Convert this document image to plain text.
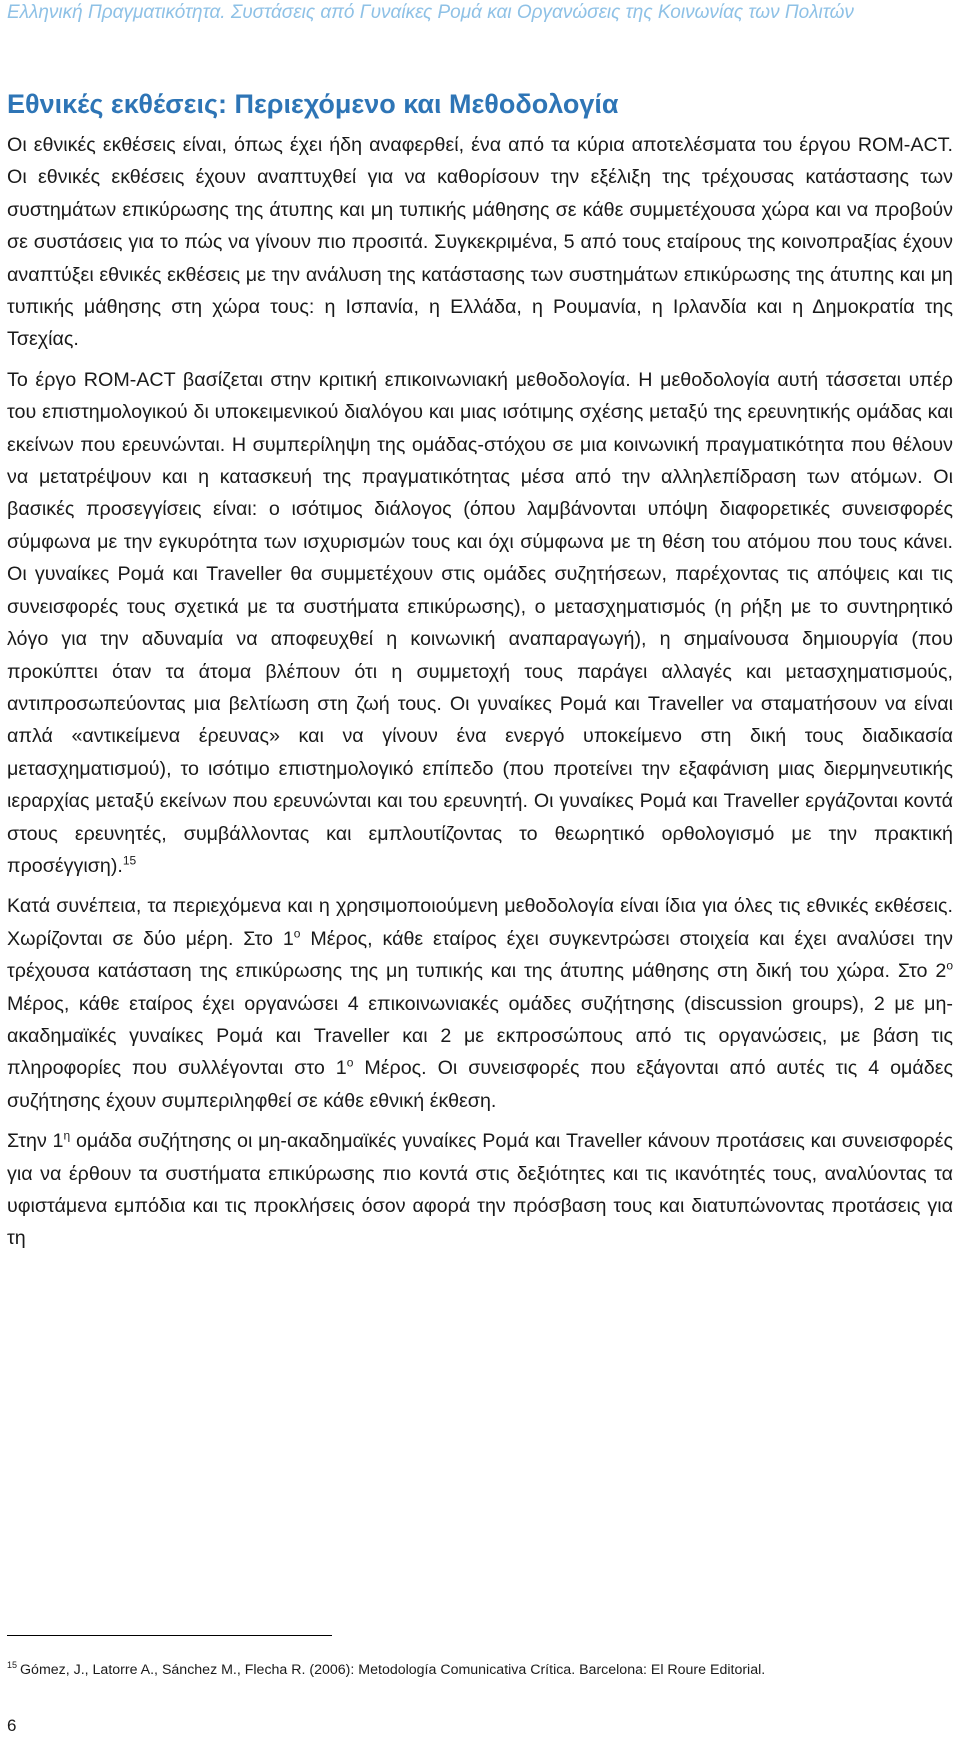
Ελληνική Πραγματικότητα. Συστάσεις από Γυναίκες Ρομά και Οργανώσεις της Κοινωνίας των Πολιτών
Εθνικές εκθέσεις: Περιεχόμενο και Μεθοδολογία

Οι εθνικές εκθέσεις είναι, όπως έχει ήδη αναφερθεί, ένα από τα κύρια αποτελέσματα του έργου ROM-ACT. Οι εθνικές εκθέσεις έχουν αναπτυχθεί για να καθορίσουν την εξέλιξη της τρέχουσας κατάστασης των συστημάτων επικύρωσης της άτυπης και μη τυπικής μάθησης σε κάθε συμμετέχουσα χώρα και να προβούν σε συστάσεις για το πώς να γίνουν πιο προσιτά. Συγκεκριμένα, 5 από τους εταίρους της κοινοπραξίας έχουν αναπτύξει εθνικές εκθέσεις με την ανάλυση της κατάστασης των συστημάτων επικύρωσης της άτυπης και μη τυπικής μάθησης στη χώρα τους: η Ισπανία, η Ελλάδα, η Ρουμανία, η Ιρλανδία και η Δημοκρατία της Τσεχίας.

Το έργο ROM-ACT βασίζεται στην κριτική επικοινωνιακή μεθοδολογία. Η μεθοδολογία αυτή τάσσεται υπέρ του επιστημολογικού δι υποκειμενικού διαλόγου και μιας ισότιμης σχέσης μεταξύ της ερευνητικής ομάδας και εκείνων που ερευνώνται. Η συμπερίληψη της ομάδας-στόχου σε μια κοινωνική πραγματικότητα που θέλουν να μετατρέψουν και η κατασκευή της πραγματικότητας μέσα από την αλληλεπίδραση των ατόμων. Οι βασικές προσεγγίσεις είναι: ο ισότιμος διάλογος (όπου λαμβάνονται υπόψη διαφορετικές συνεισφορές σύμφωνα με την εγκυρότητα των ισχυρισμών τους και όχι σύμφωνα με τη θέση του ατόμου που τους κάνει. Οι γυναίκες Ρομά και Traveller θα συμμετέχουν στις ομάδες συζητήσεων, παρέχοντας τις απόψεις και τις συνεισφορές τους σχετικά με τα συστήματα επικύρωσης), ο μετασχηματισμός (η ρήξη με το συντηρητικό λόγο για την αδυναμία να αποφευχθεί η κοινωνική αναπαραγωγή), η σημαίνουσα δημιουργία (που προκύπτει όταν τα άτομα βλέπουν ότι η συμμετοχή τους παράγει αλλαγές και μετασχηματισμούς, αντιπροσωπεύοντας μια βελτίωση στη ζωή τους. Οι γυναίκες Ρομά και Traveller να σταματήσουν να είναι απλά «αντικείμενα έρευνας» και να γίνουν ένα ενεργό υποκείμενο στη δική τους διαδικασία μετασχηματισμού), το ισότιμο επιστημολογικό επίπεδο (που προτείνει την εξαφάνιση μιας διερμηνευτικής ιεραρχίας μεταξύ εκείνων που ερευνώνται και του ερευνητή. Οι γυναίκες Ρομά και Traveller εργάζονται κοντά στους ερευνητές, συμβάλλοντας και εμπλουτίζοντας το θεωρητικό ορθολογισμό με την πρακτική προσέγγιση).$^{15}$

Κατά συνέπεια, τα περιεχόμενα και η χρησιμοποιούμενη μεθοδολογία είναι ίδια για όλες τις εθνικές εκθέσεις. Χωρίζονται σε δύο μέρη. Στο $1^o$ Μέρος, κάθε εταίρος έχει συγκεντρώσει στοιχεία και έχει αναλύσει την τρέχουσα κατάσταση της επικύρωσης της μη τυπικής και της άτυπης μάθησης στη δική του χώρα. Στο $2^o$ Μέρος, κάθε εταίρος έχει οργανώσει 4 επικοινωνιακές ομάδες συζήτησης (discussion groups), 2 με μη-ακαδημαϊκές γυναίκες Ρομά και Traveller και 2 με εκπροσώπους από τις οργανώσεις, με βάση τις πληροφορίες που συλλέγονται στο $1^o$ Μέρος. Οι συνεισφορές που εξάγονται από αυτές τις 4 ομάδες συζήτησης έχουν συμπεριληφθεί σε κάθε εθνική έκθεση.

Στην $1^\eta$ ομάδα συζήτησης οι μη-ακαδημαϊκές γυναίκες Ρομά και Traveller κάνουν προτάσεις και συνεισφορές για να έρθουν τα συστήματα επικύρωσης πιο κοντά στις δεξιότητες και τις ικανότητές τους, αναλύοντας τα υφιστάμενα εμπόδια και τις προκλήσεις όσον αφορά την πρόσβαση τους και διατυπώνοντας προτάσεις για τη

$^{15}$ Gómez, J., Latorre A., Sánchez M., Flecha R. (2006): Metodología Comunicativa Crítica. Barcelona: El Roure Editorial.
6
